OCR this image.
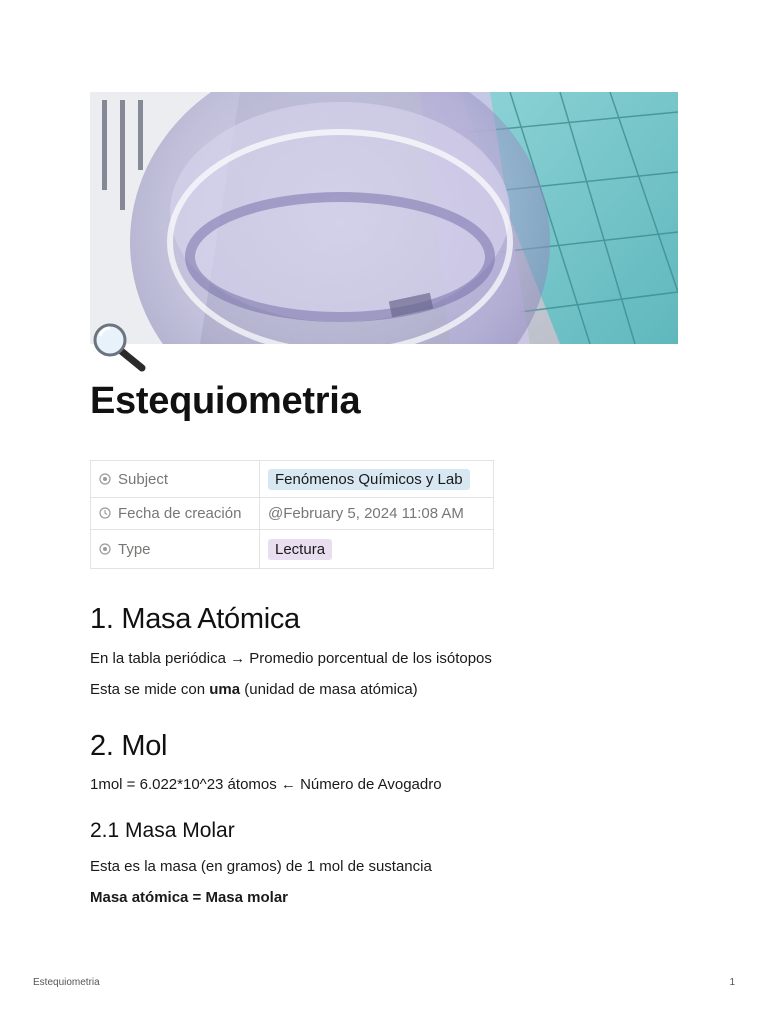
Estequiometria
Subject	Fenómenos Químicos y Lab
Fecha de creación	@February 5, 2024 11:08 AM
Type	Lectura
1. Masa Atómica

En la tabla periódica → Promedio porcentual de los isótopos

Esta se mide con uma (unidad de masa atómica)

2. Mol

1mol = 6.022*10^23 átomos ← Número de Avogadro

2.1 Masa Molar

Esta es la masa (en gramos) de 1 mol de sustancia

Masa atómica = Masa molar

Estequiometria	1
